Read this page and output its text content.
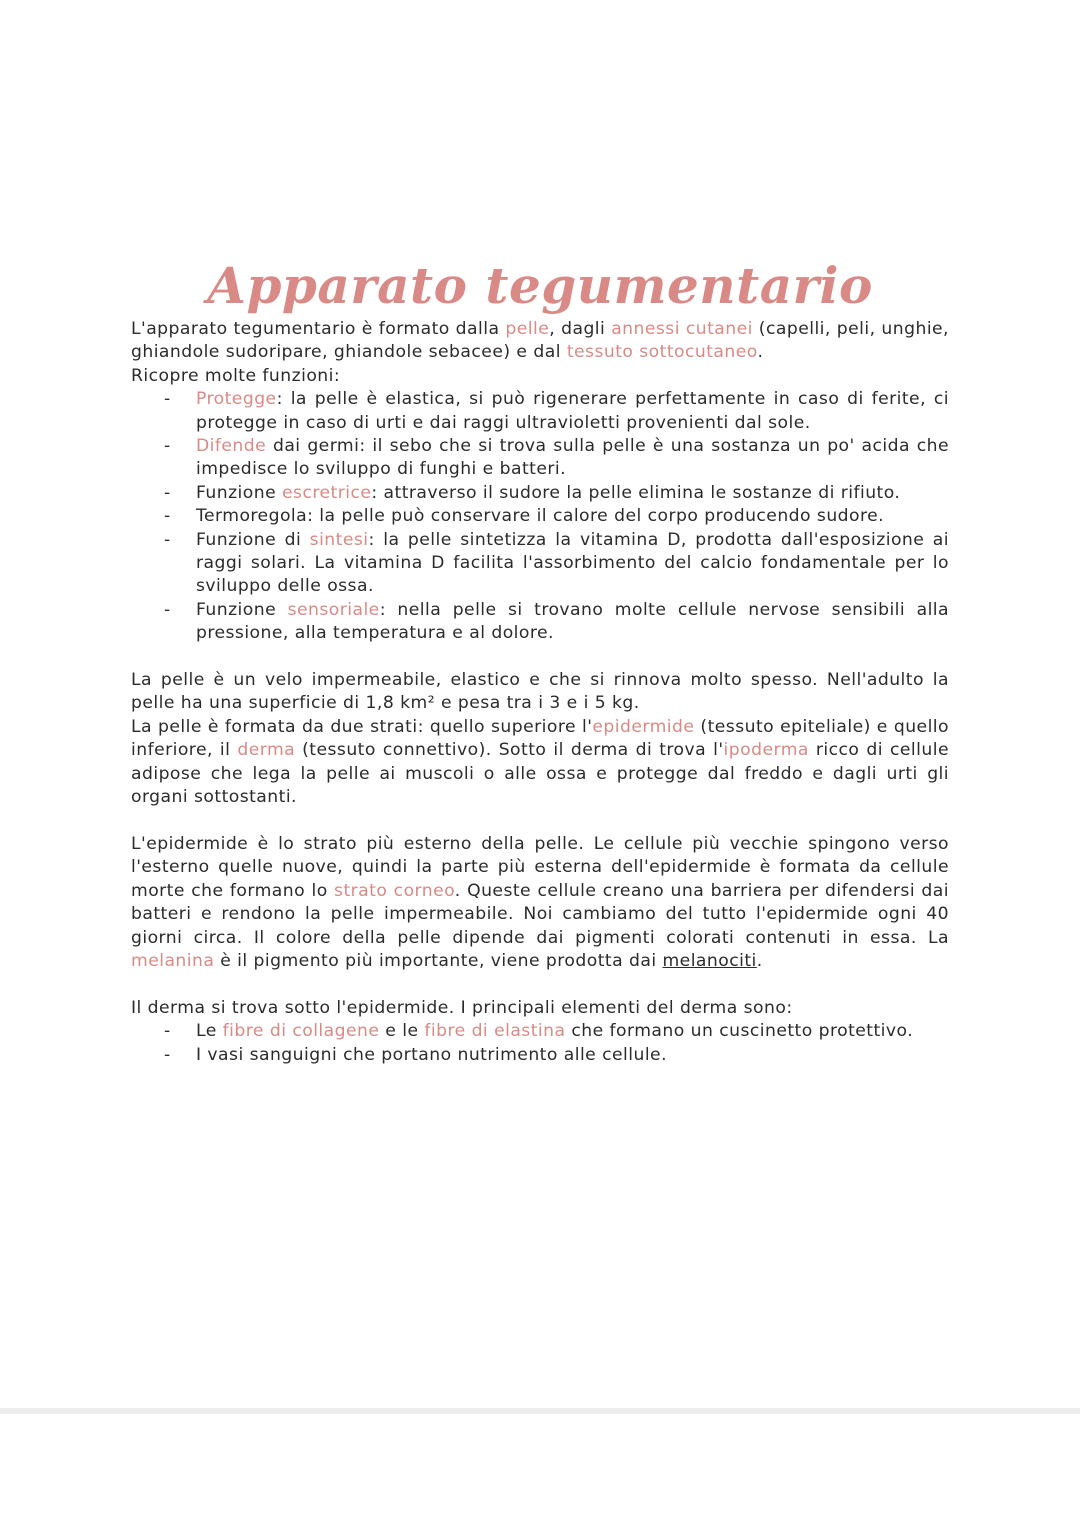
Apparato tegumentario

L'apparato tegumentario è formato dalla pelle, dagli annessi cutanei (capelli, peli, unghie, ghiandole sudoripare, ghiandole sebacee) e dal tessuto sottocutaneo.

Ricopre molte funzioni:

- Protegge: la pelle è elastica, si può rigenerare perfettamente in caso di ferite, ci protegge in caso di urti e dai raggi ultravioletti provenienti dal sole.
- Difende dai germi: il sebo che si trova sulla pelle è una sostanza un po' acida che impedisce lo sviluppo di funghi e batteri.
- Funzione escretrice: attraverso il sudore la pelle elimina le sostanze di rifiuto.
- Termoregola: la pelle può conservare il calore del corpo producendo sudore.
- Funzione di sintesi: la pelle sintetizza la vitamina D, prodotta dall'esposizione ai raggi solari. La vitamina D facilita l'assorbimento del calcio fondamentale per lo sviluppo delle ossa.
- Funzione sensoriale: nella pelle si trovano molte cellule nervose sensibili alla pressione, alla temperatura e al dolore.

La pelle è un velo impermeabile, elastico e che si rinnova molto spesso. Nell'adulto la pelle ha una superficie di 1,8 km² e pesa tra i 3 e i 5 kg.

La pelle è formata da due strati: quello superiore l'epidermide (tessuto epiteliale) e quello inferiore, il derma (tessuto connettivo). Sotto il derma di trova l'ipoderma ricco di cellule adipose che lega la pelle ai muscoli o alle ossa e protegge dal freddo e dagli urti gli organi sottostanti.

L'epidermide è lo strato più esterno della pelle. Le cellule più vecchie spingono verso l'esterno quelle nuove, quindi la parte più esterna dell'epidermide è formata da cellule morte che formano lo strato corneo. Queste cellule creano una barriera per difendersi dai batteri e rendono la pelle impermeabile. Noi cambiamo del tutto l'epidermide ogni 40 giorni circa. Il colore della pelle dipende dai pigmenti colorati contenuti in essa. La melanina è il pigmento più importante, viene prodotta dai melanociti.

Il derma si trova sotto l'epidermide. I principali elementi del derma sono:

- Le fibre di collagene e le fibre di elastina che formano un cuscinetto protettivo.
- I vasi sanguigni che portano nutrimento alle cellule.
